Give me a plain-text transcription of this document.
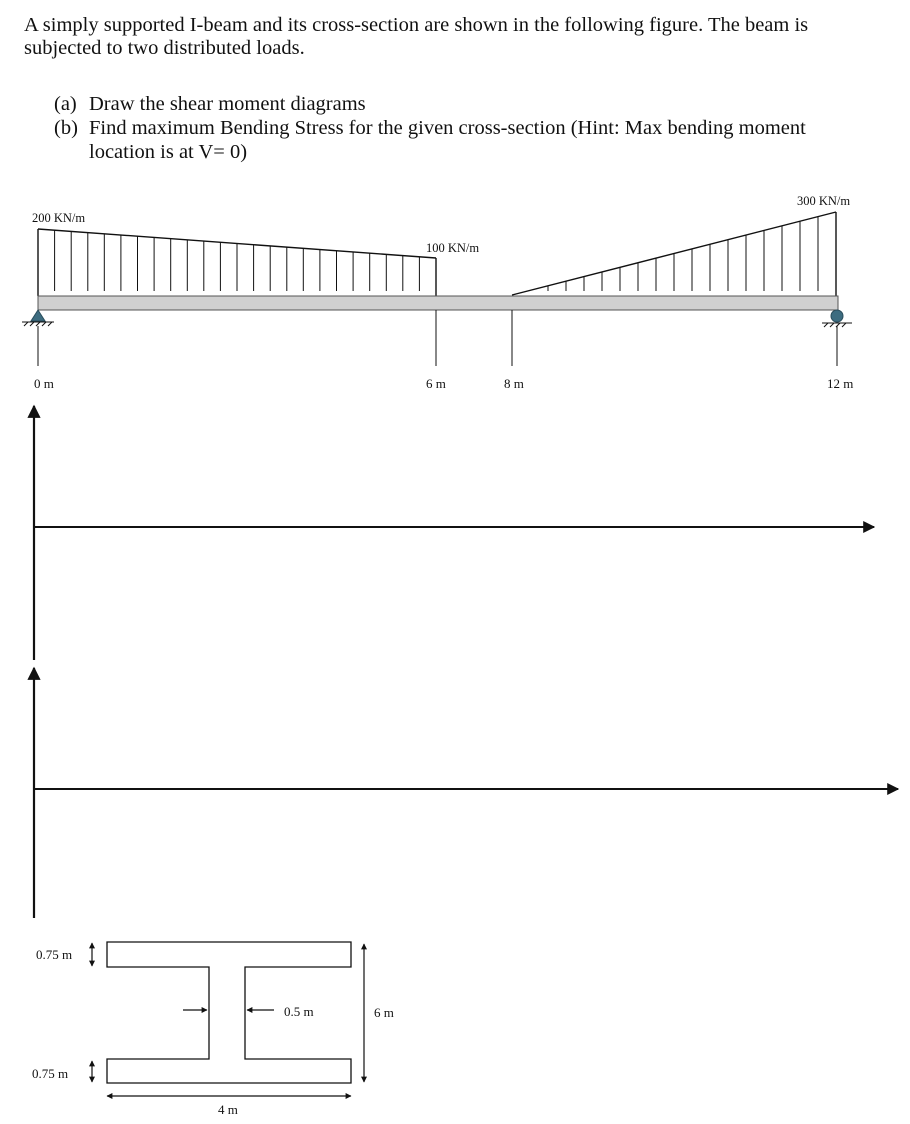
A simply supported I-beam and its cross-section are shown in the following figure. The beam is subjected to two distributed loads.

(a) Draw the shear moment diagrams
(b) Find maximum Bending Stress for the given cross-section (Hint: Max bending moment location is at V= 0)
200 KN/m
100 KN/m
300 KN/m
0 m	6 m	8 m	12 m
0.75 m
0.75 m
0.5 m	6 m
4 m
